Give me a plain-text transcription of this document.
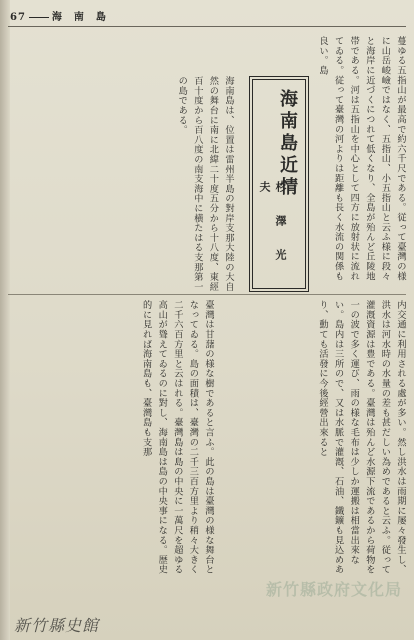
67	海　南　島
蔓ゆる五指山が最高で約六千尺である。従って臺灣の様に山岳峻嶮ではなく、五指山、小五指山と云ふ様に段々と海岸に近づくにつれて低くなり、全島が殆んど丘陵地帯である。河は五指山を中心として四方に放射状に流れてゐる。従って臺灣の河よりは距離も長く水流の関係も良い。島
海南島近情
杉　澤　光　夫
海南島は、位置は雷州半島の對岸支那大陸の大自然の舞台に南に北緯二十度五分から十八度、東經百十度から百八度の南支海中に横たはる支那第一の島である。
内交通に利用される處が多い。然し洪水は雨期に屡々發生し、洪水は河水時の水量の差も甚だしい為めであると云ふ。従って灌漑資源は豊である。臺灣は殆んど水源下流であるから荷物を一の波で多く運び、雨の様な毛布は少しか運搬は相當出來ない。島内は三所ので、又は水脈で灌漑、石油、鐵鑛も見込めあり、動ても活發に今後經營出來ると
臺灣は甘藷の様な樹であると言ふ。此の島は臺灣の様な舞台となってゐる。島の面積は、臺灣の二千三百方里より稍々大きく二千六百方里と云はれる。臺灣島は島の中央に一萬尺を超ゆる高山が聳えてゐるのに對し、海南島は島の中央事になる。歴史的に見れば海南島も、臺灣島も支那
新竹縣政府文化局
新竹縣史館
